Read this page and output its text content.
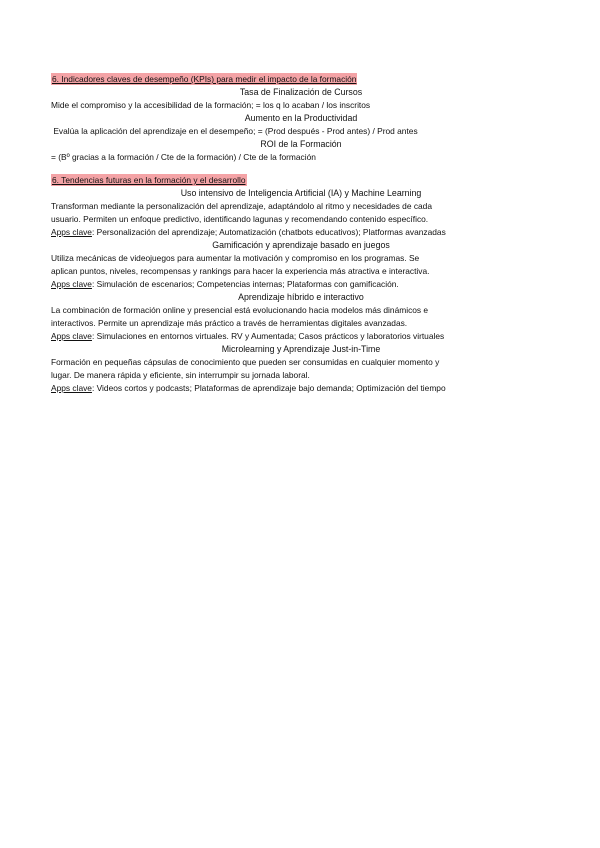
6. Indicadores claves de desempeño (KPIs) para medir el impacto de la formación
Tasa de Finalización de Cursos
Mide el compromiso y la accesibilidad de la formación; = los q lo acaban / los inscritos
Aumento en la Productividad
Evalúa la aplicación del aprendizaje en el desempeño; = (Prod después - Prod antes) / Prod antes
ROI de la Formación
= (Bº gracias a la formación / Cte de la formación) / Cte de la formación
6. Tendencias futuras en la formación y el desarrollo
Uso intensivo de Inteligencia Artificial (IA) y Machine Learning
Transforman mediante la personalización del aprendizaje, adaptándolo al ritmo y necesidades de cada
usuario. Permiten un enfoque predictivo, identificando lagunas y recomendando contenido específico.
Apps clave: Personalización del aprendizaje; Automatización (chatbots educativos); Platformas avanzadas
Gamificación y aprendizaje basado en juegos
Utiliza mecánicas de videojuegos para aumentar la motivación y compromiso en los programas. Se
aplican puntos, niveles, recompensas y rankings para hacer la experiencia más atractiva e interactiva.
Apps clave: Simulación de escenarios; Competencias internas; Plataformas con gamificación.
Aprendizaje híbrido e interactivo
La combinación de formación online y presencial está evolucionando hacia modelos más dinámicos e
interactivos. Permite un aprendizaje más práctico a través de herramientas digitales avanzadas.
Apps clave: Simulaciones en entornos virtuales. RV y Aumentada; Casos prácticos y laboratorios virtuales
Microlearning y Aprendizaje Just-in-Time
Formación en pequeñas cápsulas de conocimiento que pueden ser consumidas en cualquier momento y
lugar. De manera rápida y eficiente, sin interrumpir su jornada laboral.
Apps clave: Videos cortos y podcasts; Plataformas de aprendizaje bajo demanda; Optimización del tiempo
